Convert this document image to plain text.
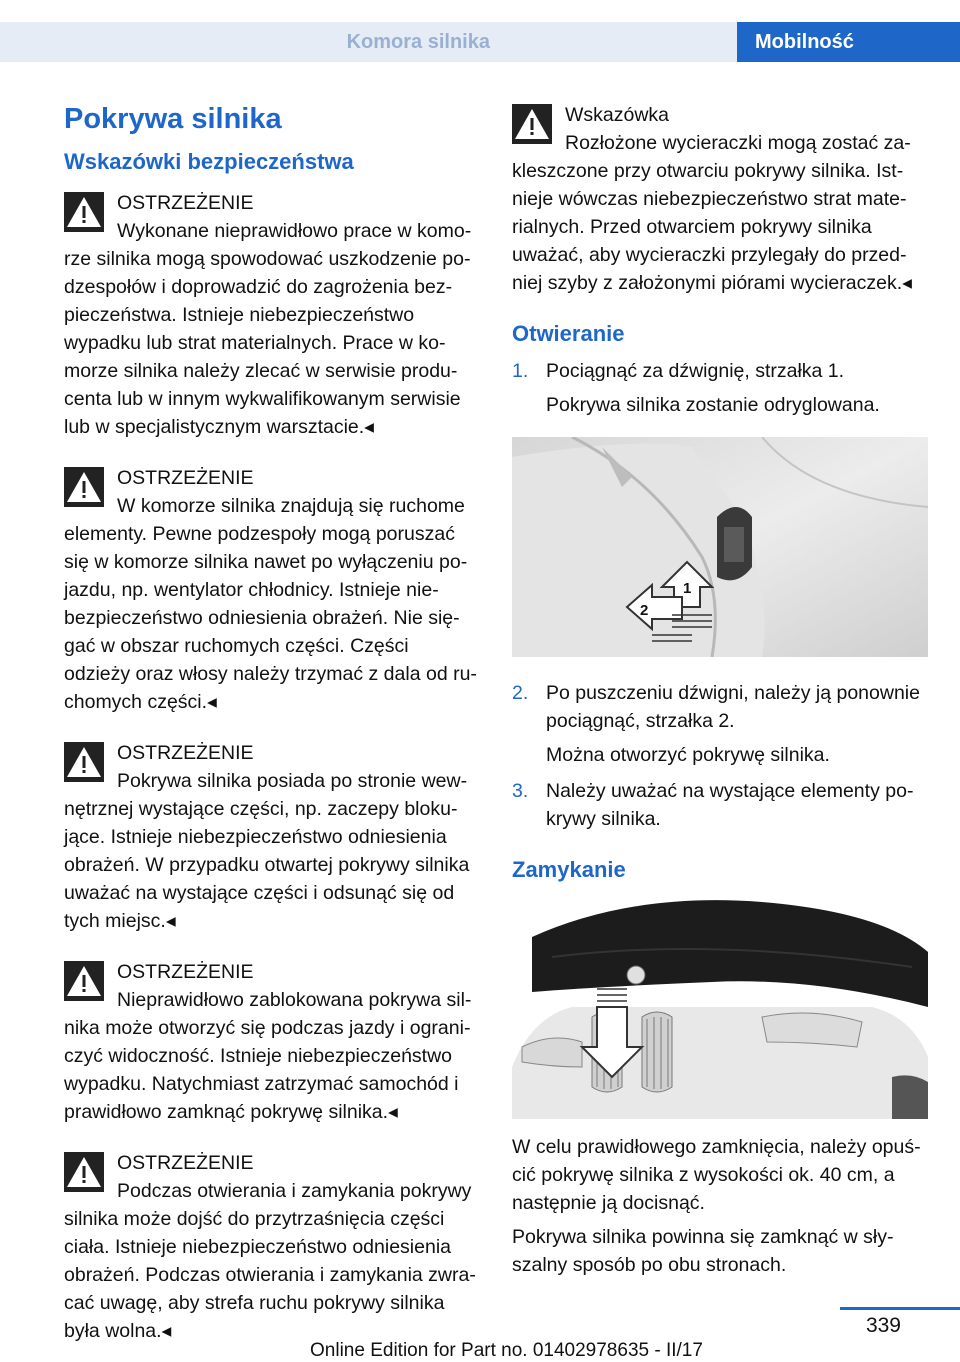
Komora silnika	Mobilność
Pokrywa silnika
Wskazówki bezpieczeństwa
OSTRZEŻENIE
Wykonane nieprawidłowo prace w komorze silnika mogą spowodować uszkodzenie podzespołów i doprowadzić do zagrożenia bezpieczeństwa. Istnieje niebezpieczeństwo wypadku lub strat materialnych. Prace w komorze silnika należy zlecać w serwisie producenta lub w innym wykwalifikowanym serwisie lub w specjalistycznym warsztacie.◂
OSTRZEŻENIE
W komorze silnika znajdują się ruchome elementy. Pewne podzespoły mogą poruszać się w komorze silnika nawet po wyłączeniu pojazdu, np. wentylator chłodnicy. Istnieje niebezpieczeństwo odniesienia obrażeń. Nie sięgać w obszar ruchomych części. Części odzieży oraz włosy należy trzymać z dala od ruchomych części.◂
OSTRZEŻENIE
Pokrywa silnika posiada po stronie wewnętrznej wystające części, np. zaczepy blokujące. Istnieje niebezpieczeństwo odniesienia obrażeń. W przypadku otwartej pokrywy silnika uważać na wystające części i odsunąć się od tych miejsc.◂
OSTRZEŻENIE
Nieprawidłowo zablokowana pokrywa silnika może otworzyć się podczas jazdy i ograniczyć widoczność. Istnieje niebezpieczeństwo wypadku. Natychmiast zatrzymać samochód i prawidłowo zamknąć pokrywę silnika.◂
OSTRZEŻENIE
Podczas otwierania i zamykania pokrywy silnika może dojść do przytrzaśnięcia części ciała. Istnieje niebezpieczeństwo odniesienia obrażeń. Podczas otwierania i zamykania zwracać uwagę, aby strefa ruchu pokrywy silnika była wolna.◂
Wskazówka
Rozłożone wycieraczki mogą zostać zakleszczone przy otwarciu pokrywy silnika. Istnieje wówczas niebezpieczeństwo strat materialnych. Przed otwarciem pokrywy silnika uważać, aby wycieraczki przylegały do przedniej szyby z założonymi piórami wycieraczek.◂
Otwieranie
1. Pociągnąć za dźwignię, strzałka 1.
Pokrywa silnika zostanie odryglowana.
1
2
2. Po puszczeniu dźwigni, należy ją ponownie pociągnąć, strzałka 2.
Można otworzyć pokrywę silnika.
3. Należy uważać na wystające elementy pokrywy silnika.
Zamykanie

W celu prawidłowego zamknięcia, należy opuścić pokrywę silnika z wysokości ok. 40 cm, a następnie ją docisnąć.

Pokrywa silnika powinna się zamknąć w słyszalny sposób po obu stronach.

339
Online Edition for Part no. 01402978635 - II/17
